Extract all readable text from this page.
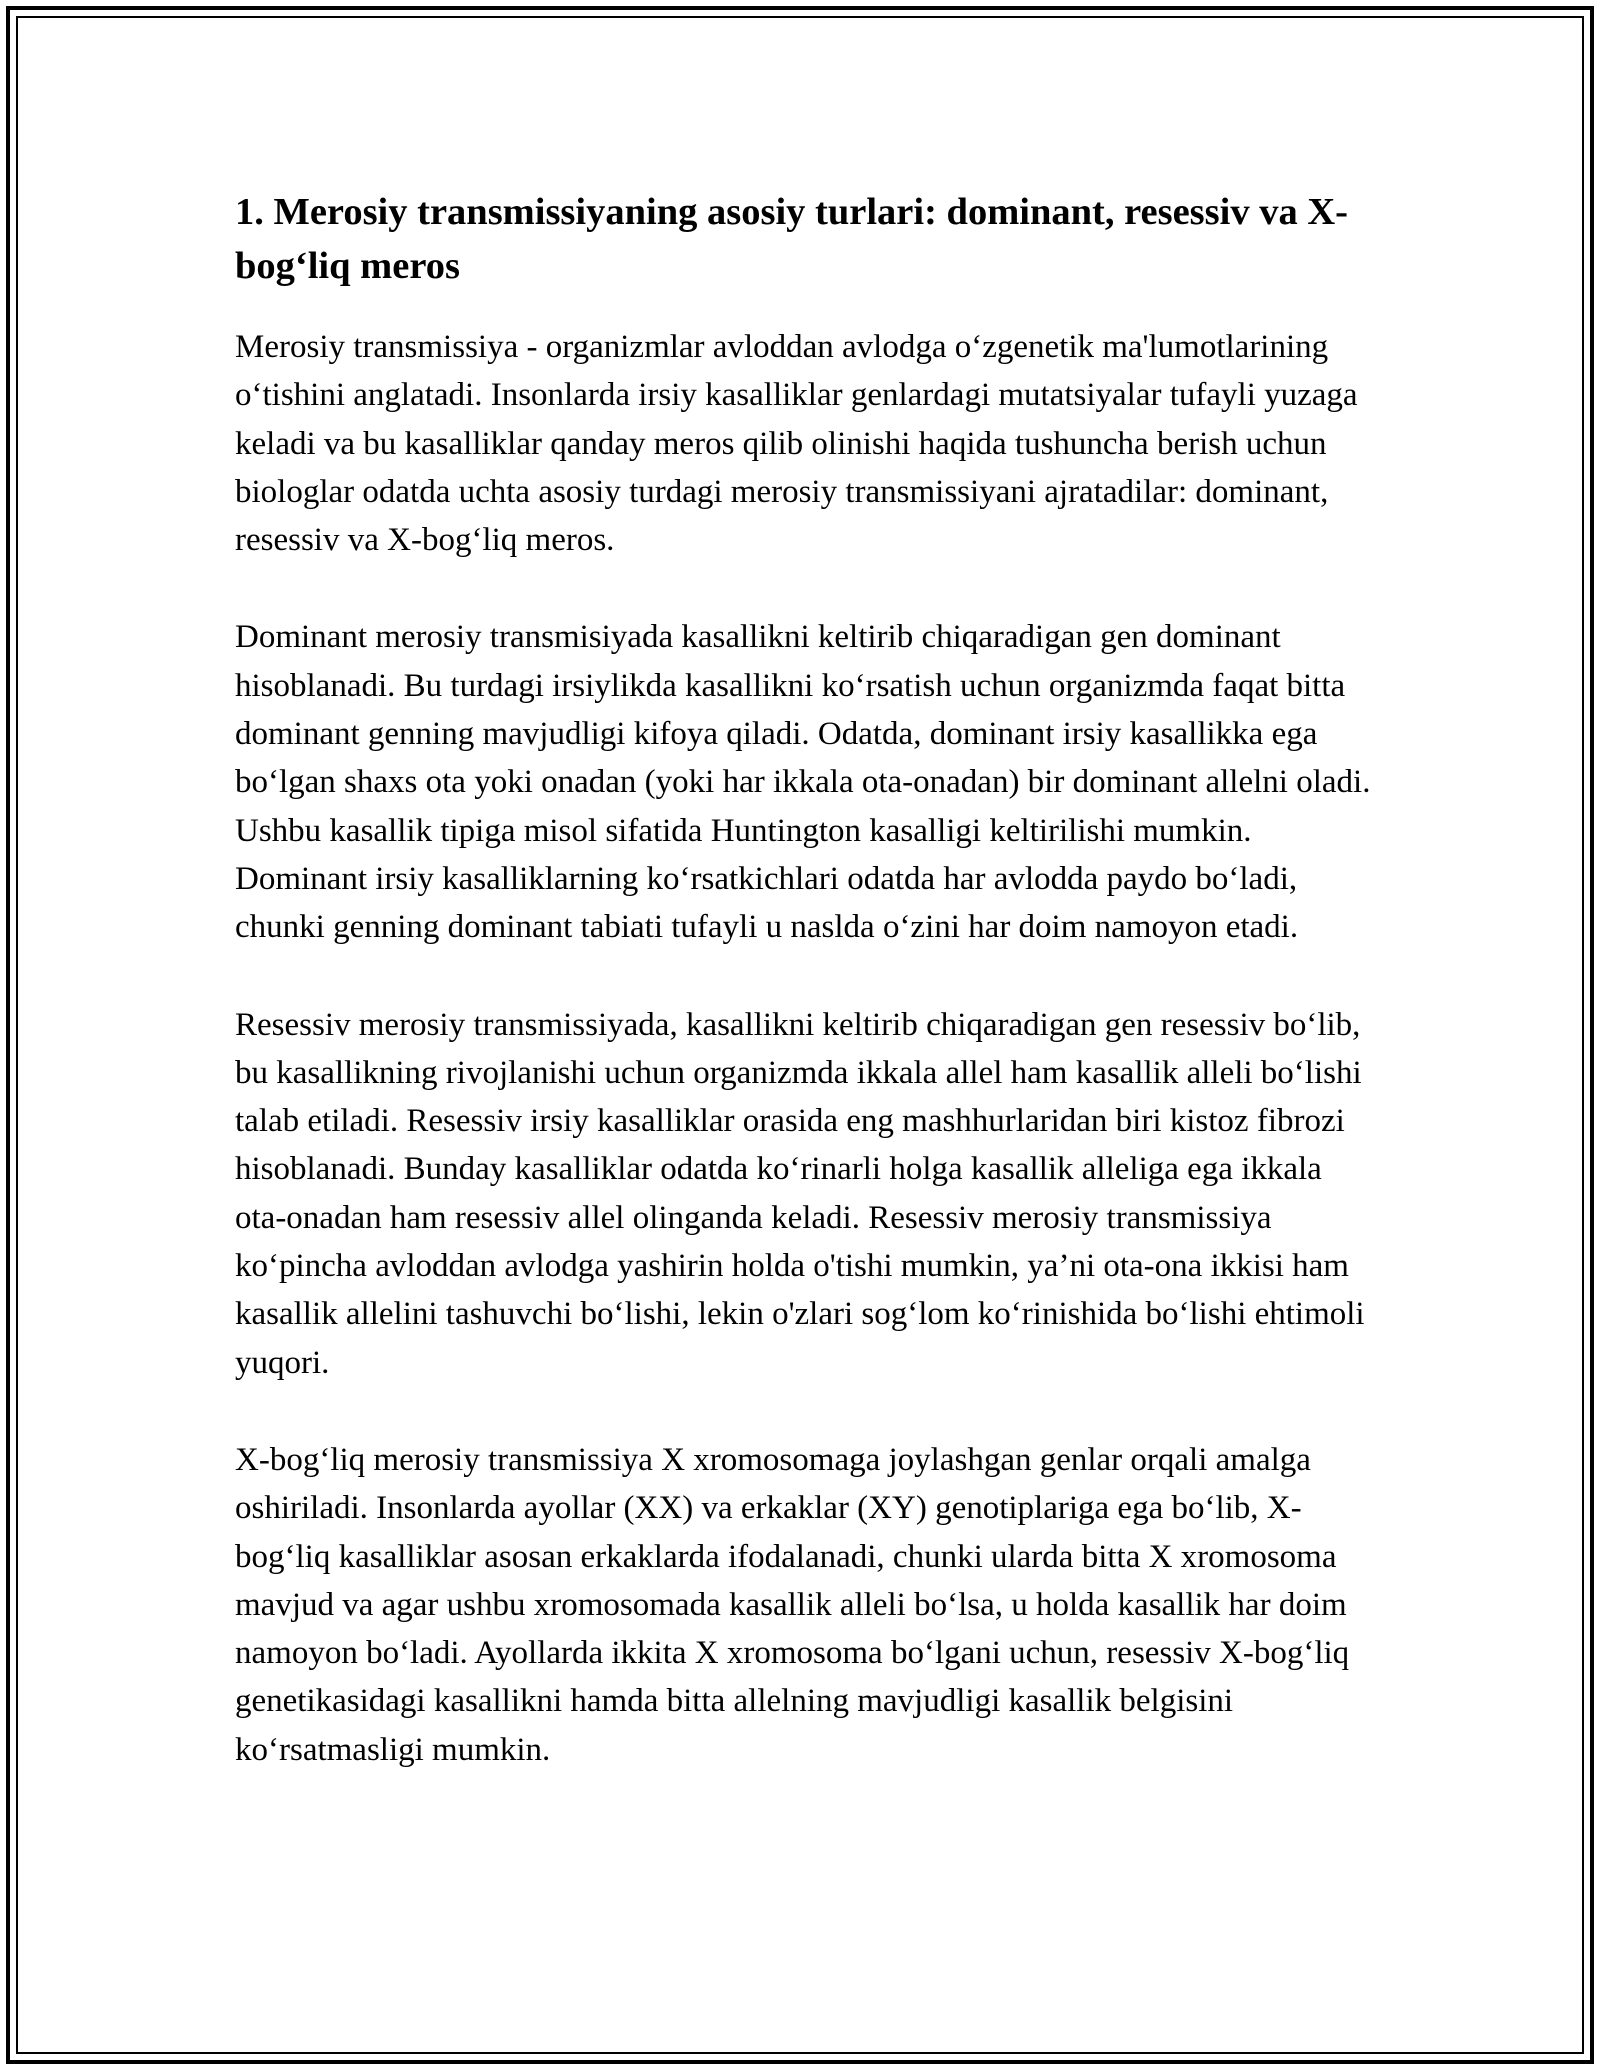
1. Merosiy transmissiyaning asosiy turlari: dominant, resessiv va X-bog‘liq meros

Merosiy transmissiya - organizmlar avloddan avlodga o‘zgenetik ma'lumotlarining o‘tishini anglatadi. Insonlarda irsiy kasalliklar genlardagi mutatsiyalar tufayli yuzaga keladi va bu kasalliklar qanday meros qilib olinishi haqida tushuncha berish uchun biologlar odatda uchta asosiy turdagi merosiy transmissiyani ajratadilar: dominant, resessiv va X-bog‘liq meros.

Dominant merosiy transmisiyada kasallikni keltirib chiqaradigan gen dominant hisoblanadi. Bu turdagi irsiylikda kasallikni ko‘rsatish uchun organizmda faqat bitta dominant genning mavjudligi kifoya qiladi. Odatda, dominant irsiy kasallikka ega bo‘lgan shaxs ota yoki onadan (yoki har ikkala ota-onadan) bir dominant allelni oladi. Ushbu kasallik tipiga misol sifatida Huntington kasalligi keltirilishi mumkin. Dominant irsiy kasalliklarning ko‘rsatkichlari odatda har avlodda paydo bo‘ladi, chunki genning dominant tabiati tufayli u naslda o‘zini har doim namoyon etadi.

Resessiv merosiy transmissiyada, kasallikni keltirib chiqaradigan gen resessiv bo‘lib, bu kasallikning rivojlanishi uchun organizmda ikkala allel ham kasallik alleli bo‘lishi talab etiladi. Resessiv irsiy kasalliklar orasida eng mashhurlaridan biri kistoz fibrozi hisoblanadi. Bunday kasalliklar odatda ko‘rinarli holga kasallik alleliga ega ikkala ota-onadan ham resessiv allel olinganda keladi. Resessiv merosiy transmissiya ko‘pincha avloddan avlodga yashirin holda o'tishi mumkin, ya’ni ota-ona ikkisi ham kasallik allelini tashuvchi bo‘lishi, lekin o'zlari sog‘lom ko‘rinishida bo‘lishi ehtimoli yuqori.

X-bog‘liq merosiy transmissiya X xromosomaga joylashgan genlar orqali amalga oshiriladi. Insonlarda ayollar (XX) va erkaklar (XY) genotiplariga ega bo‘lib, X-bog‘liq kasalliklar asosan erkaklarda ifodalanadi, chunki ularda bitta X xromosoma mavjud va agar ushbu xromosomada kasallik alleli bo‘lsa, u holda kasallik har doim namoyon bo‘ladi. Ayollarda ikkita X xromosoma bo‘lgani uchun, resessiv X-bog‘liq genetikasidagi kasallikni hamda bitta allelning mavjudligi kasallik belgisini ko‘rsatmasligi mumkin.
